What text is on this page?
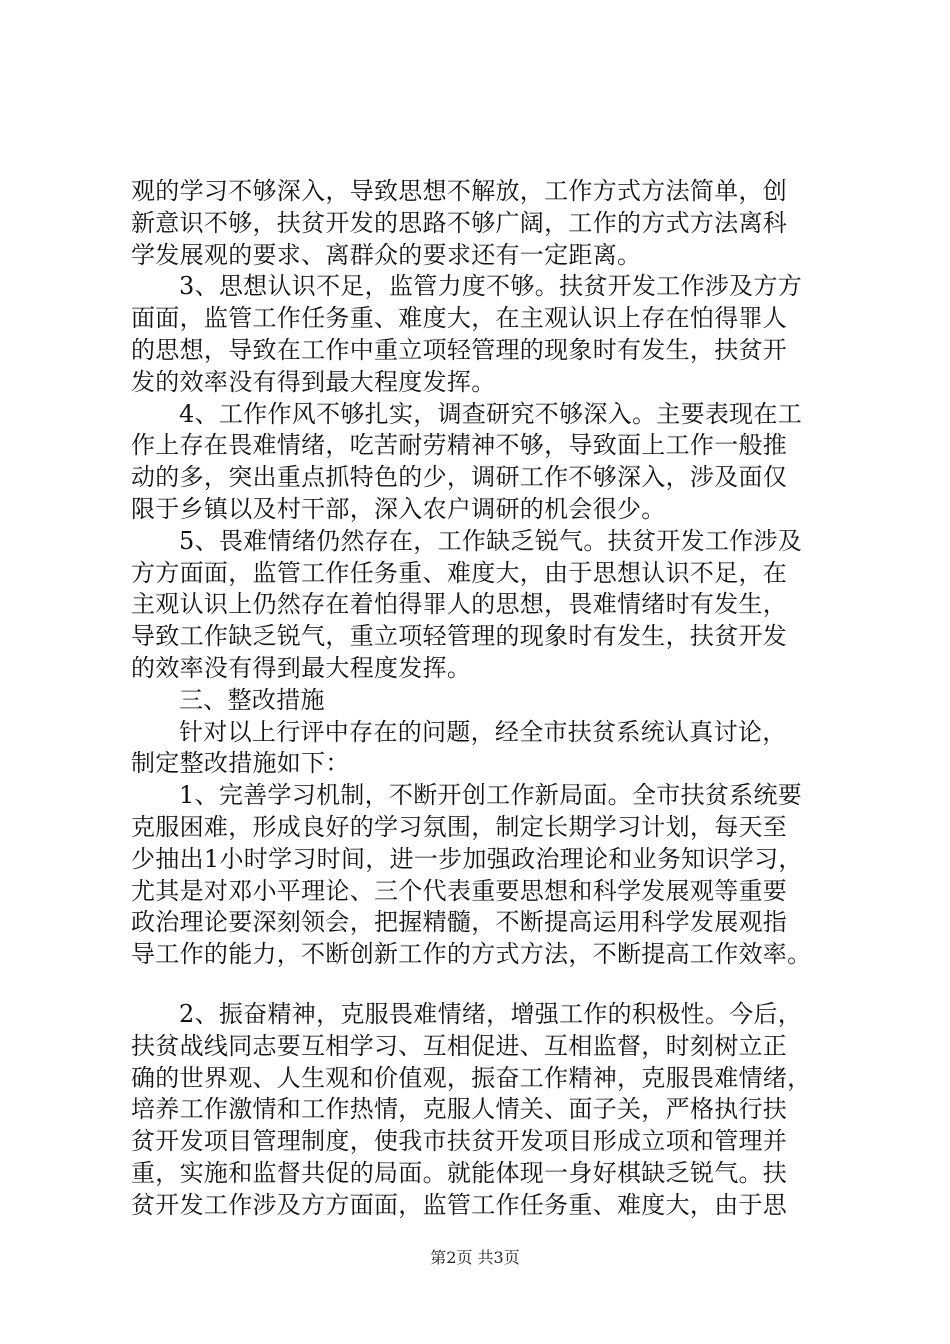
观的学习不够深入，导致思想不解放，工作方式方法简单，创
新意识不够，扶贫开发的思路不够广阔，工作的方式方法离科
学发展观的要求、离群众的要求还有一定距离。
3、思想认识不足，监管力度不够。扶贫开发工作涉及方方
面面，监管工作任务重、难度大，在主观认识上存在怕得罪人
的思想，导致在工作中重立项轻管理的现象时有发生，扶贫开
发的效率没有得到最大程度发挥。
4、工作作风不够扎实，调查研究不够深入。主要表现在工
作上存在畏难情绪，吃苦耐劳精神不够，导致面上工作一般推
动的多，突出重点抓特色的少，调研工作不够深入，涉及面仅
限于乡镇以及村干部，深入农户调研的机会很少。
5、畏难情绪仍然存在，工作缺乏锐气。扶贫开发工作涉及
方方面面，监管工作任务重、难度大，由于思想认识不足，在
主观认识上仍然存在着怕得罪人的思想，畏难情绪时有发生，
导致工作缺乏锐气，重立项轻管理的现象时有发生，扶贫开发
的效率没有得到最大程度发挥。
三、整改措施
针对以上行评中存在的问题，经全市扶贫系统认真讨论，
制定整改措施如下：
1、完善学习机制，不断开创工作新局面。全市扶贫系统要
克服困难，形成良好的学习氛围，制定长期学习计划，每天至
少抽出1小时学习时间，进一步加强政治理论和业务知识学习，
尤其是对邓小平理论、三个代表重要思想和科学发展观等重要
政治理论要深刻领会，把握精髓，不断提高运用科学发展观指
导工作的能力，不断创新工作的方式方法，不断提高工作效率。
2、振奋精神，克服畏难情绪，增强工作的积极性。今后，
扶贫战线同志要互相学习、互相促进、互相监督，时刻树立正
确的世界观、人生观和价值观，振奋工作精神，克服畏难情绪，
培养工作激情和工作热情，克服人情关、面子关，严格执行扶
贫开发项目管理制度，使我市扶贫开发项目形成立项和管理并
重，实施和监督共促的局面。就能体现一身好棋缺乏锐气。扶
贫开发工作涉及方方面面，监管工作任务重、难度大，由于思
第2页 共3页
